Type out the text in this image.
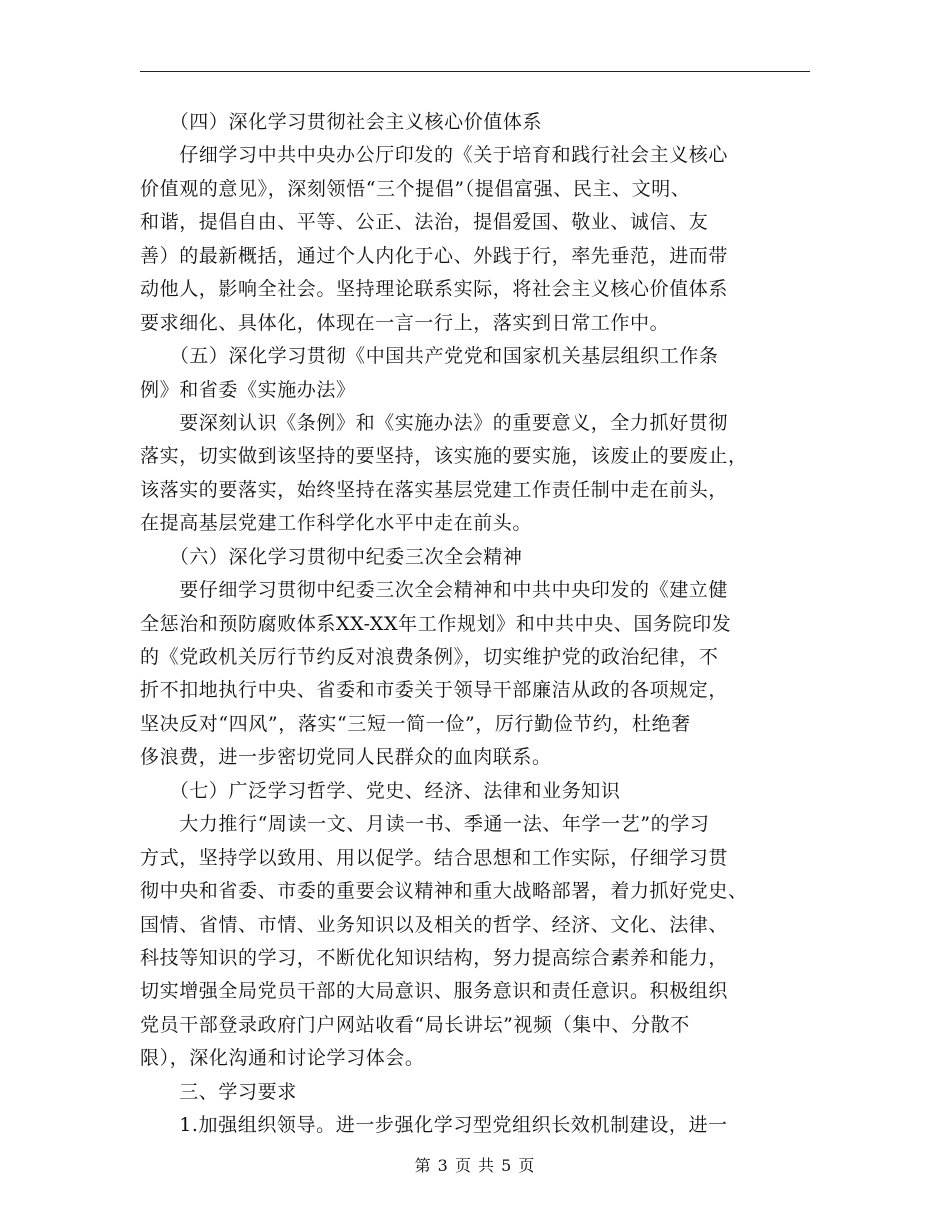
　　（四）深化学习贯彻社会主义核心价值体系
　　仔细学习中共中央办公厅印发的《关于培育和践行社会主义核心
价值观的意见》，深刻领悟“三个提倡”（提倡富强、民主、文明、
和谐，提倡自由、平等、公正、法治，提倡爱国、敬业、诚信、友
善）的最新概括，通过个人内化于心、外践于行，率先垂范，进而带
动他人，影响全社会。坚持理论联系实际，将社会主义核心价值体系
要求细化、具体化，体现在一言一行上，落实到日常工作中。
　　（五）深化学习贯彻《中国共产党党和国家机关基层组织工作条
例》和省委《实施办法》
　　要深刻认识《条例》和《实施办法》的重要意义，全力抓好贯彻
落实，切实做到该坚持的要坚持，该实施的要实施，该废止的要废止，
该落实的要落实，始终坚持在落实基层党建工作责任制中走在前头，
在提高基层党建工作科学化水平中走在前头。
　　（六）深化学习贯彻中纪委三次全会精神
　　要仔细学习贯彻中纪委三次全会精神和中共中央印发的《建立健
全惩治和预防腐败体系XX-XX年工作规划》和中共中央、国务院印发
的《党政机关厉行节约反对浪费条例》，切实维护党的政治纪律，不
折不扣地执行中央、省委和市委关于领导干部廉洁从政的各项规定，
坚决反对“四风”，落实“三短一简一俭”，厉行勤俭节约，杜绝奢
侈浪费，进一步密切党同人民群众的血肉联系。
　　（七）广泛学习哲学、党史、经济、法律和业务知识
　　大力推行“周读一文、月读一书、季通一法、年学一艺”的学习
方式，坚持学以致用、用以促学。结合思想和工作实际，仔细学习贯
彻中央和省委、市委的重要会议精神和重大战略部署，着力抓好党史、
国情、省情、市情、业务知识以及相关的哲学、经济、文化、法律、
科技等知识的学习，不断优化知识结构，努力提高综合素养和能力，
切实增强全局党员干部的大局意识、服务意识和责任意识。积极组织
党员干部登录政府门户网站收看“局长讲坛”视频（集中、分散不
限），深化沟通和讨论学习体会。
　　三、学习要求
　　1.加强组织领导。进一步强化学习型党组织长效机制建设，进一
第 3 页 共 5 页
